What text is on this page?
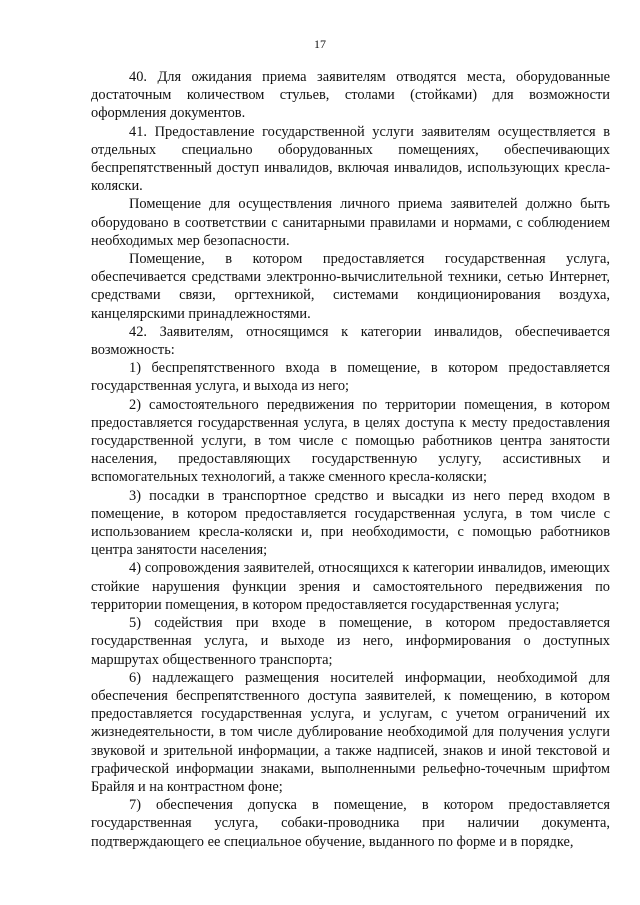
17

40. Для ожидания приема заявителям отводятся места, оборудованные достаточным количеством стульев, столами (стойками) для возможности оформления документов.

41. Предоставление государственной услуги заявителям осуществляется в отдельных специально оборудованных помещениях, обеспечивающих беспрепятственный доступ инвалидов, включая инвалидов, использующих кресла-коляски.

Помещение для осуществления личного приема заявителей должно быть оборудовано в соответствии с санитарными правилами и нормами, с соблюдением необходимых мер безопасности.

Помещение, в котором предоставляется государственная услуга, обеспечивается средствами электронно-вычислительной техники, сетью Интернет, средствами связи, оргтехникой, системами кондиционирования воздуха, канцелярскими принадлежностями.

42. Заявителям, относящимся к категории инвалидов, обеспечивается возможность:

1) беспрепятственного входа в помещение, в котором предоставляется государственная услуга, и выхода из него;

2) самостоятельного передвижения по территории помещения, в котором предоставляется государственная услуга, в целях доступа к месту предоставления государственной услуги, в том числе с помощью работников центра занятости населения, предоставляющих государственную услугу, ассистивных и вспомогательных технологий, а также сменного кресла-коляски;

3) посадки в транспортное средство и высадки из него перед входом в помещение, в котором предоставляется государственная услуга, в том числе с использованием кресла-коляски и, при необходимости, с помощью работников центра занятости населения;

4) сопровождения заявителей, относящихся к категории инвалидов, имеющих стойкие нарушения функции зрения и самостоятельного передвижения по территории помещения, в котором предоставляется государственная услуга;

5) содействия при входе в помещение, в котором предоставляется государственная услуга, и выходе из него, информирования о доступных маршрутах общественного транспорта;

6) надлежащего размещения носителей информации, необходимой для обеспечения беспрепятственного доступа заявителей, к помещению, в котором предоставляется государственная услуга, и услугам, с учетом ограничений их жизнедеятельности, в том числе дублирование необходимой для получения услуги звуковой и зрительной информации, а также надписей, знаков и иной текстовой и графической информации знаками, выполненными рельефно-точечным шрифтом Брайля и на контрастном фоне;

7) обеспечения допуска в помещение, в котором предоставляется государственная услуга, собаки-проводника при наличии документа, подтверждающего ее специальное обучение, выданного по форме и в порядке,
